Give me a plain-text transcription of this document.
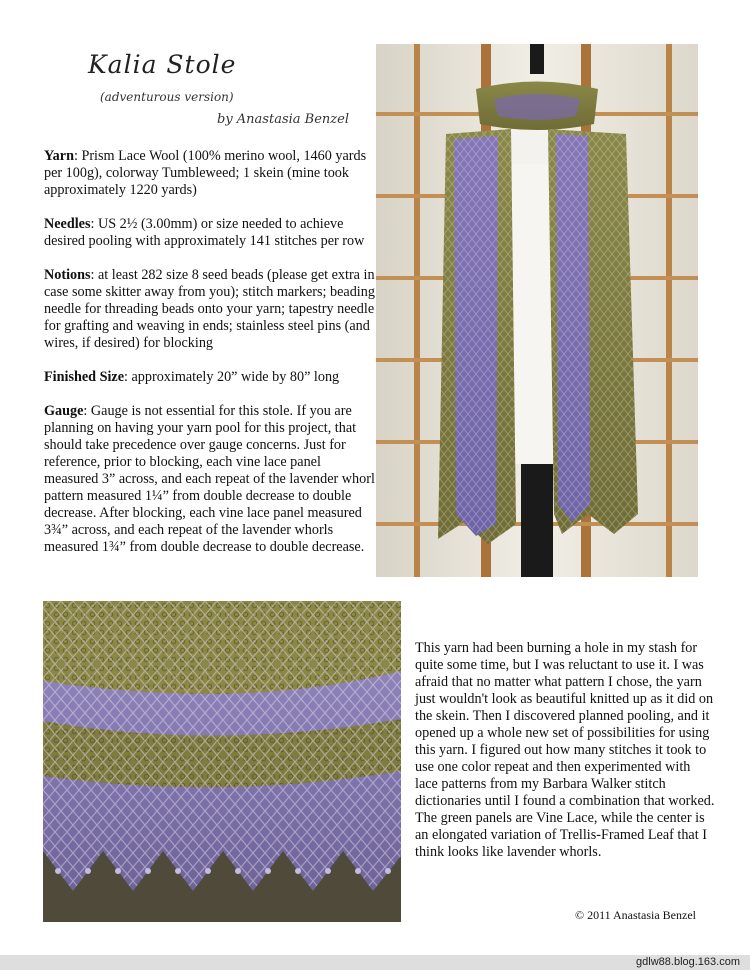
Kalia Stole
(adventurous version)
by Anastasia Benzel

Yarn: Prism Lace Wool (100% merino wool, 1460 yards per 100g), colorway Tumbleweed; 1 skein (mine took approximately 1220 yards)

Needles: US 2½ (3.00mm) or size needed to achieve desired pooling with approximately 141 stitches per row

Notions: at least 282 size 8 seed beads (please get extra in case some skitter away from you); stitch markers; beading needle for threading beads onto your yarn; tapestry needle for grafting and weaving in ends; stainless steel pins (and wires, if desired) for blocking

Finished Size: approximately 20” wide by 80” long

Gauge: Gauge is not essential for this stole. If you are planning on having your yarn pool for this project, that should take precedence over gauge concerns. Just for reference, prior to blocking, each vine lace panel measured 3” across, and each repeat of the lavender whorl pattern measured 1¼” from double decrease to double decrease. After blocking, each vine lace panel measured 3¾” across, and each repeat of the lavender whorls measured 1¾” from double decrease to double decrease.

This yarn had been burning a hole in my stash for quite some time, but I was reluctant to use it. I was afraid that no matter what pattern I chose, the yarn just wouldn't look as beautiful knitted up as it did on the skein. Then I discovered planned pooling, and it opened up a whole new set of possibilities for using this yarn. I figured out how many stitches it took to use one color repeat and then experimented with lace patterns from my Barbara Walker stitch dictionaries until I found a combination that worked. The green panels are Vine Lace, while the center is an elongated variation of Trellis-Framed Leaf that I think looks like lavender whorls.
© 2011 Anastasia Benzel
gdlw88.blog.163.com
